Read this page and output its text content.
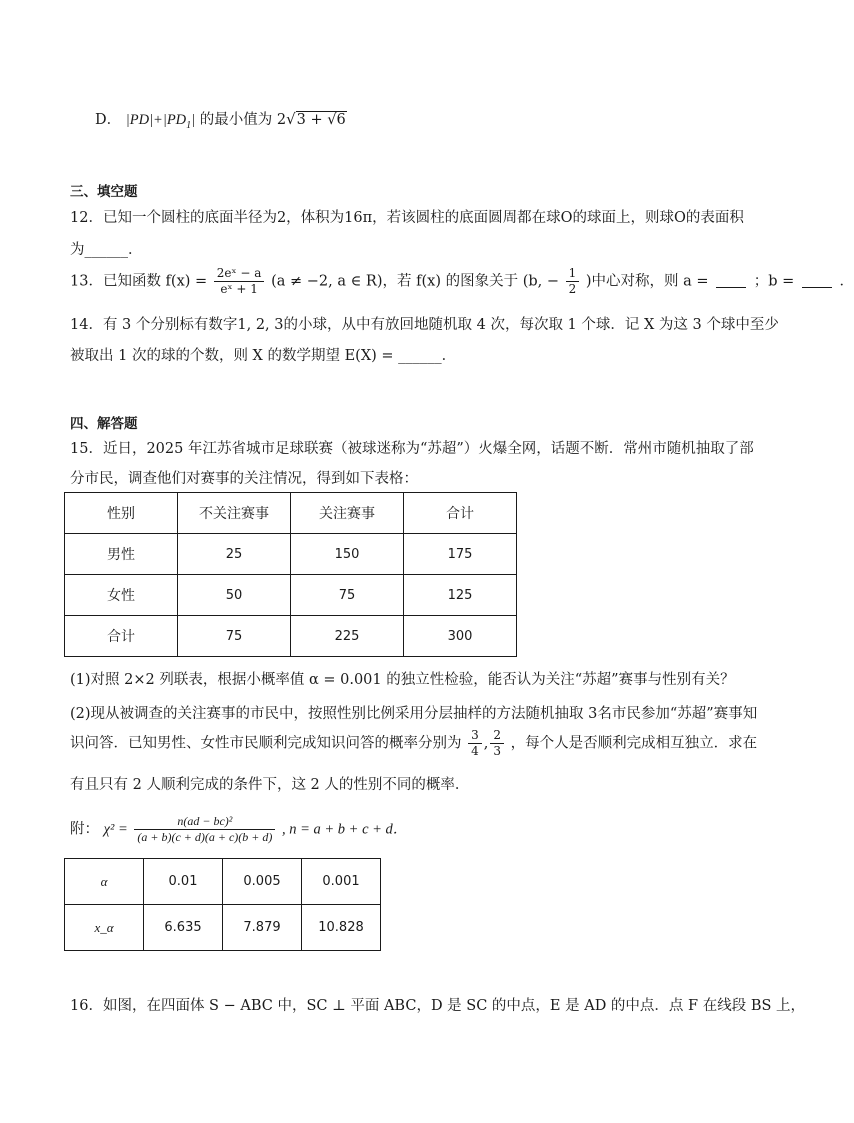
D． $|PD|+|PD_1|$ 的最小值为 2√3 + √6
三、填空题
12．已知一个圆柱的底面半径为2，体积为16π，若该圆柱的底面圆周都在球O的球面上，则球O的表面积
为______．
13．已知函数 $f(x) = \frac{\text{2eˣ − a}}{\text{eˣ + 1}} (a \ne -2$, a ∈ R)，若 f(x) 的图象关于 (b, − $\frac{1}{2}$ )中心对称，则 a =	；b =	．
14．有 3 个分别标有数字1, 2, 3的小球，从中有放回地随机取 4 次，每次取 1 个球．记 X 为这 3 个球中至少
被取出 1 次的球的个数，则 X 的数学期望 E(X) = ______．
四、解答题
15．近日，2025 年江苏省城市足球联赛（被球迷称为“苏超”）火爆全网，话题不断．常州市随机抽取了部
分市民，调查他们对赛事的关注情况，得到如下表格：
性别	不关注赛事	关注赛事	合计
男性	25	150	175
女性	50	75	125
合计	75	225	300
(1)对照 2×2 列联表，根据小概率值 α = 0.001 的独立性检验，能否认为关注“苏超”赛事与性别有关？
(2)现从被调查的关注赛事的市民中，按照性别比例采用分层抽样的方法随机抽取 3名市民参加“苏超”赛事知
识问答．已知男性、女性市民顺利完成知识问答的概率分别为 $\frac{3}{4}$ , $\frac{2}{3}$ ，每个人是否顺利完成相互独立．求在
有且只有 2 人顺利完成的条件下，这 2 人的性别不同的概率．
附： $\chi^2 = \frac{\text{n(ad − bc)²}}{(a + b)(c + d)(a + c)(b + d)}$ , n = a + b + c + d．
α	0.01	0.005	0.001
x_α	6.635	7.879	10.828
16．如图，在四面体 S − ABC 中，SC ⊥ 平面 ABC，D 是 SC 的中点，E 是 AD 的中点．点 F 在线段 BS 上，
